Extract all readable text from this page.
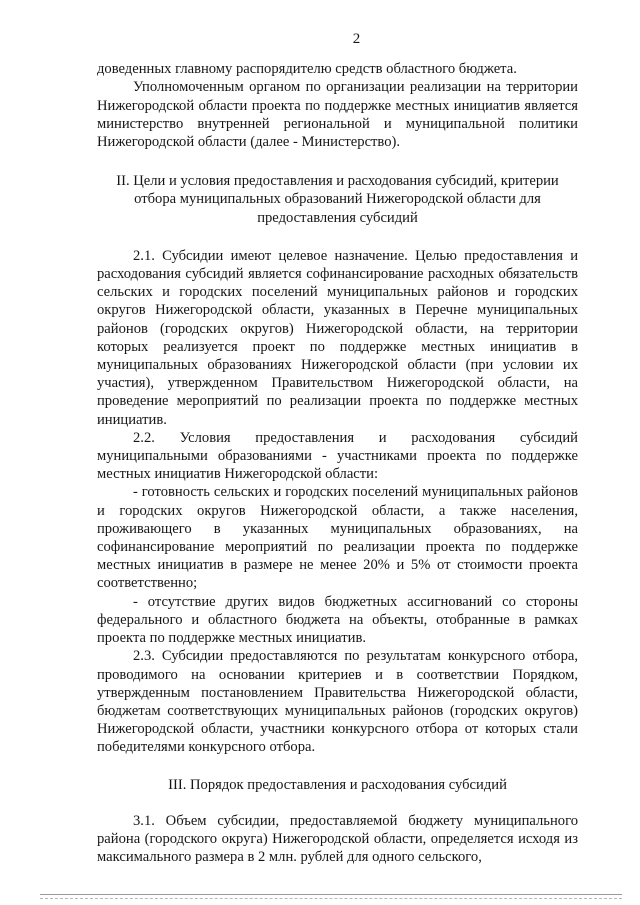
2

доведенных главному распорядителю средств областного бюджета.

Уполномоченным органом по организации реализации на территории Нижегородской области проекта по поддержке местных инициатив является министерство внутренней региональной и муниципальной политики Нижегородской области (далее - Министерство).

II. Цели и условия предоставления и расходования субсидий, критерии отбора муниципальных образований Нижегородской области для предоставления субсидий

2.1. Субсидии имеют целевое назначение. Целью предоставления и расходования субсидий является софинансирование расходных обязательств сельских и городских поселений муниципальных районов и городских округов Нижегородской области, указанных в Перечне муниципальных районов (городских округов) Нижегородской области, на территории которых реализуется проект по поддержке местных инициатив в муниципальных образованиях Нижегородской области (при условии их участия), утвержденном Правительством Нижегородской области, на проведение мероприятий по реализации проекта по поддержке местных инициатив.

2.2. Условия предоставления и расходования субсидий муниципальными образованиями - участниками проекта по поддержке местных инициатив Нижегородской области:

- готовность сельских и городских поселений муниципальных районов и городских округов Нижегородской области, а также населения, проживающего в указанных муниципальных образованиях, на софинансирование мероприятий по реализации проекта по поддержке местных инициатив в размере не менее 20% и 5% от стоимости проекта соответственно;

- отсутствие других видов бюджетных ассигнований со стороны федерального и областного бюджета на объекты, отобранные в рамках проекта по поддержке местных инициатив.

2.3. Субсидии предоставляются по результатам конкурсного отбора, проводимого на основании критериев и в соответствии Порядком, утвержденным постановлением Правительства Нижегородской области, бюджетам соответствующих муниципальных районов (городских округов) Нижегородской области, участники конкурсного отбора от которых стали победителями конкурсного отбора.

III. Порядок предоставления и расходования субсидий

3.1. Объем субсидии, предоставляемой бюджету муниципального района (городского округа) Нижегородской области, определяется исходя из максимального размера в 2 млн. рублей для одного сельского,
